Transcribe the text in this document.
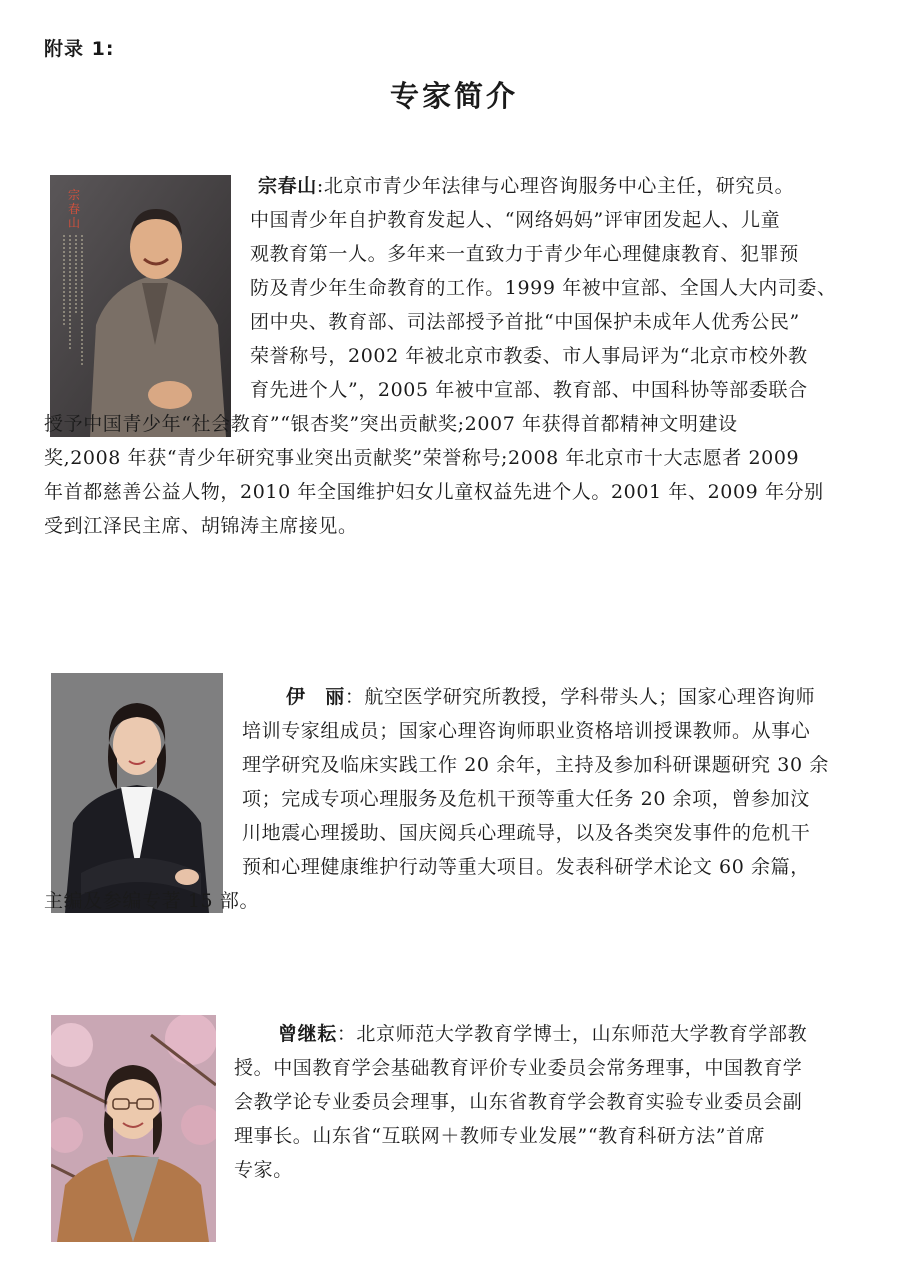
附录 1:
专家简介
宗
春
山
宗春山:北京市青少年法律与心理咨询服务中心主任，研究员。
中国青少年自护教育发起人、“网络妈妈”评审团发起人、儿童
观教育第一人。多年来一直致力于青少年心理健康教育、犯罪预
防及青少年生命教育的工作。1999 年被中宣部、全国人大内司委、
团中央、教育部、司法部授予首批“中国保护未成年人优秀公民”
荣誉称号，2002 年被北京市教委、市人事局评为“北京市校外教
育先进个人”，2005 年被中宣部、教育部、中国科协等部委联合
授予中国青少年“社会教育”“银杏奖”突出贡献奖;2007 年获得首都精神文明建设
奖,2008 年获“青少年研究事业突出贡献奖”荣誉称号;2008 年北京市十大志愿者 2009
年首都慈善公益人物，2010 年全国维护妇女儿童权益先进个人。2001 年、2009 年分别
受到江泽民主席、胡锦涛主席接见。
伊　丽：航空医学研究所教授，学科带头人；国家心理咨询师
培训专家组成员；国家心理咨询师职业资格培训授课教师。从事心
理学研究及临床实践工作 20 余年，主持及参加科研课题研究 30 余
项；完成专项心理服务及危机干预等重大任务 20 余项，曾参加汶
川地震心理援助、国庆阅兵心理疏导，以及各类突发事件的危机干
预和心理健康维护行动等重大项目。发表科研学术论文 60 余篇，
主编及参编专著 15 部。
曾继耘：北京师范大学教育学博士，山东师范大学教育学部教
授。中国教育学会基础教育评价专业委员会常务理事，中国教育学
会教学论专业委员会理事，山东省教育学会教育实验专业委员会副
理事长。山东省“互联网＋教师专业发展”“教育科研方法”首席
专家。
